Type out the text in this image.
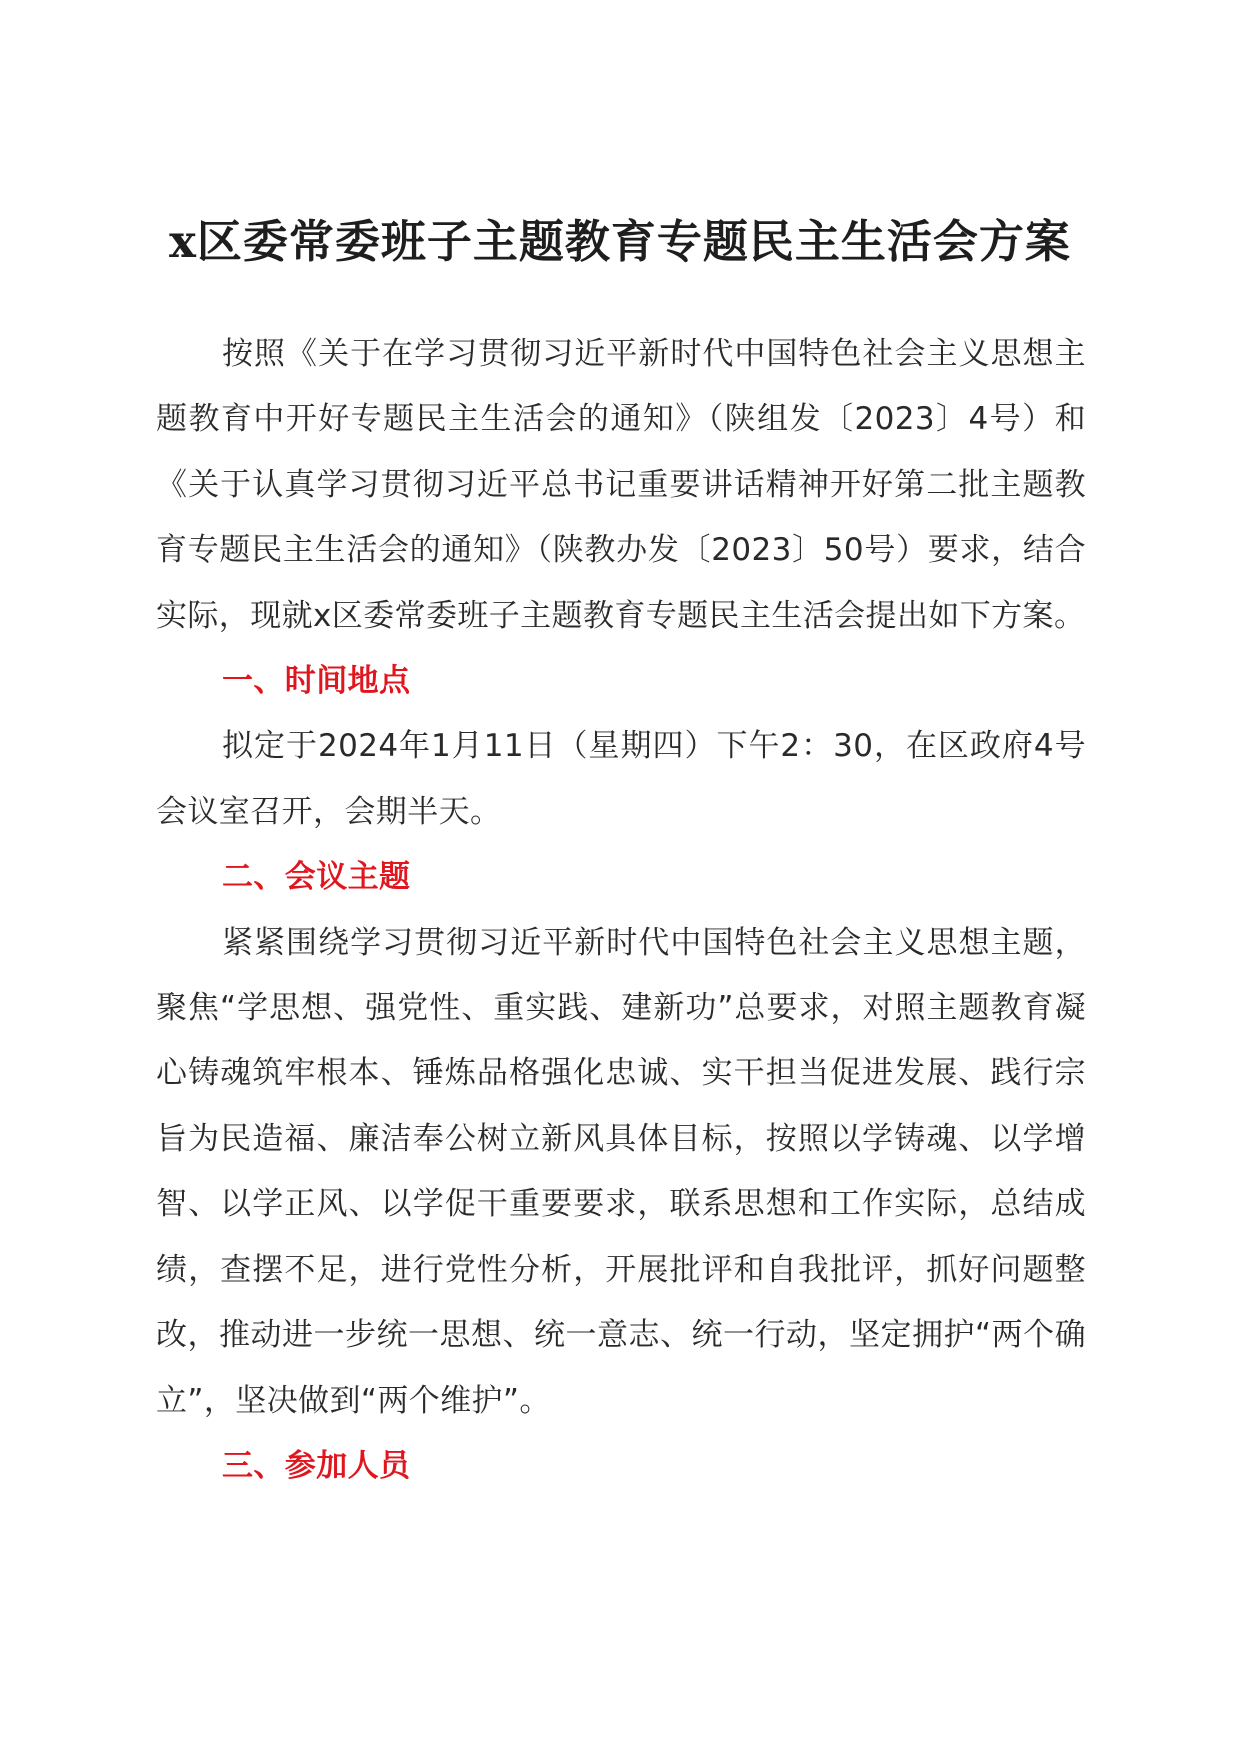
x区委常委班子主题教育专题民主生活会方案

按照《关于在学习贯彻习近平新时代中国特色社会主义思想主题教育中开好专题民主生活会的通知》（陕组发〔2023〕4号）和《关于认真学习贯彻习近平总书记重要讲话精神开好第二批主题教育专题民主生活会的通知》（陕教办发〔2023〕50号）要求，结合实际，现就x区委常委班子主题教育专题民主生活会提出如下方案。

一、时间地点

拟定于2024年1月11日（星期四）下午2：30，在区政府4号会议室召开，会期半天。

二、会议主题

紧紧围绕学习贯彻习近平新时代中国特色社会主义思想主题，聚焦“学思想、强党性、重实践、建新功”总要求，对照主题教育凝心铸魂筑牢根本、锤炼品格强化忠诚、实干担当促进发展、践行宗旨为民造福、廉洁奉公树立新风具体目标，按照以学铸魂、以学增智、以学正风、以学促干重要要求，联系思想和工作实际，总结成绩，查摆不足，进行党性分析，开展批评和自我批评，抓好问题整改，推动进一步统一思想、统一意志、统一行动，坚定拥护“两个确立”，坚决做到“两个维护”。

三、参加人员
